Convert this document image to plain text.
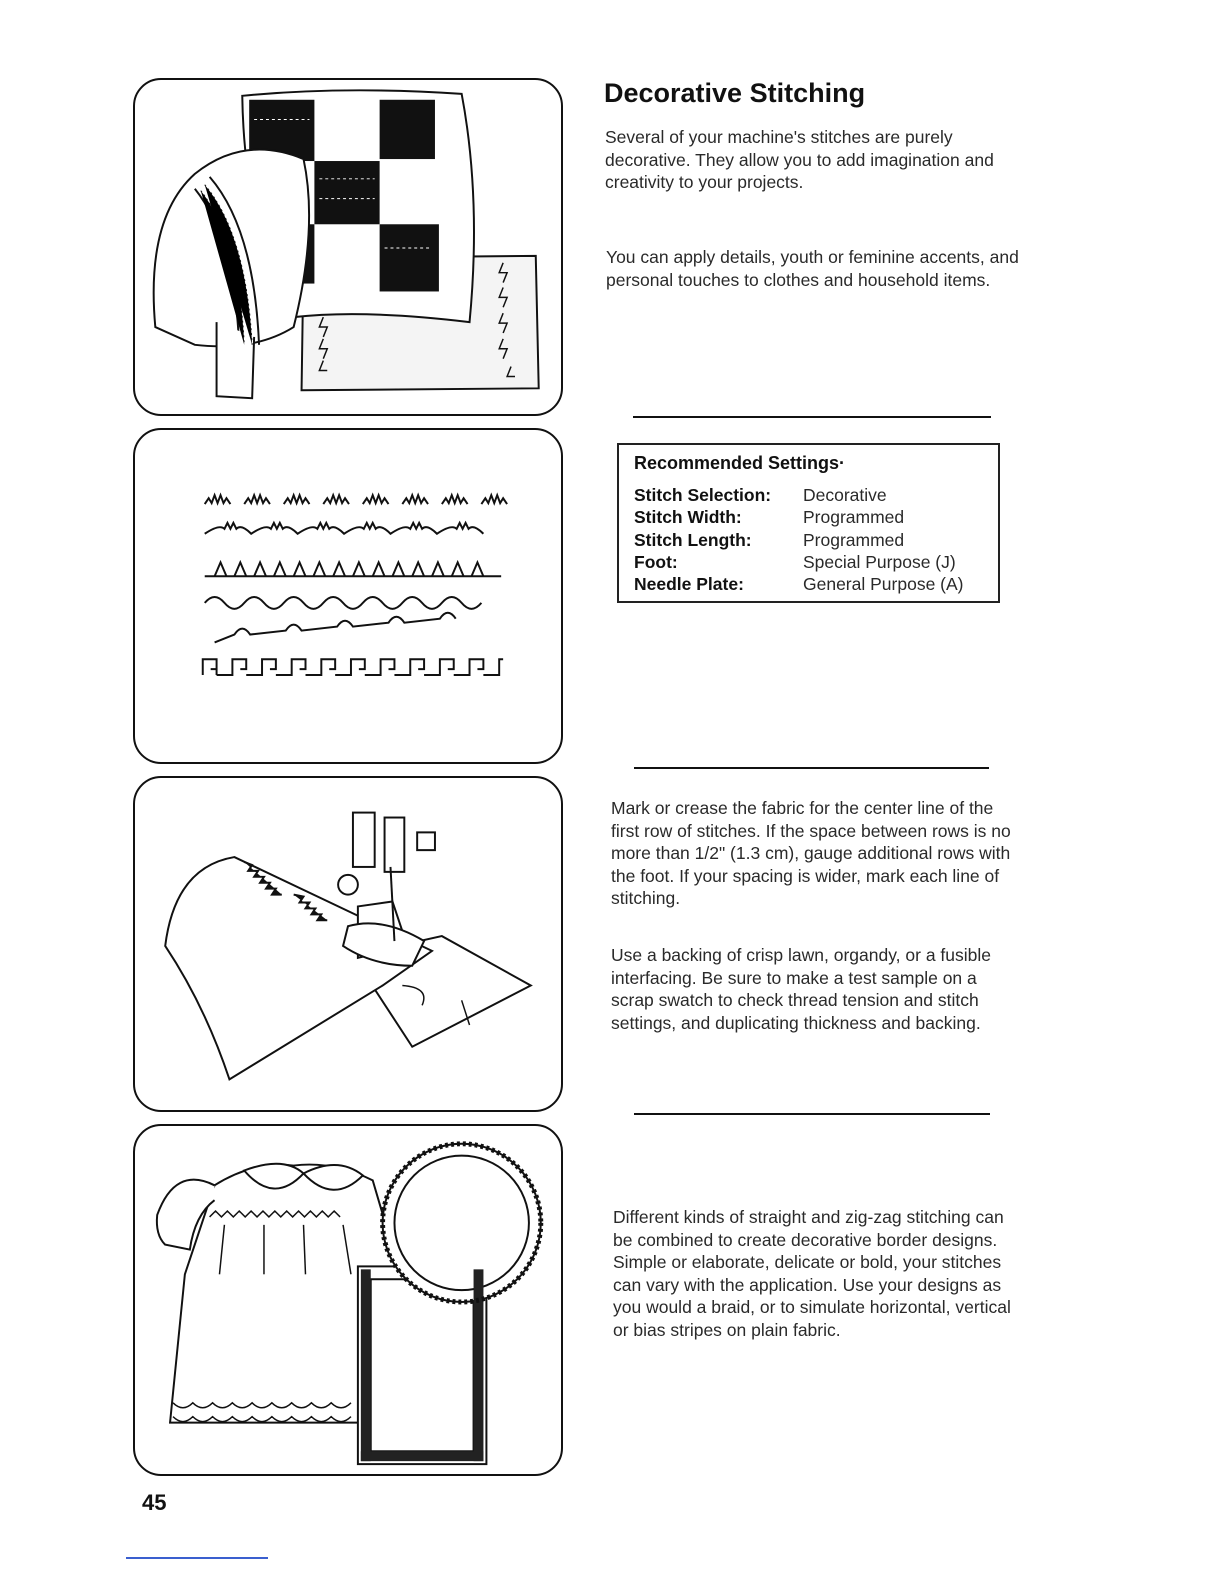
Decorative Stitching

Several of your machine's stitches are purely decorative. They allow you to add imagination and creativity to your projects.

You can apply details, youth or feminine accents, and personal touches to clothes and household items.

Recommended Settings·
Stitch Selection:	Decorative
Stitch Width:	Programmed
Stitch Length:	Programmed
Foot:	Special Purpose (J)
Needle Plate:	General Purpose (A)

Mark or crease the fabric for the center line of the first row of stitches. If the space between rows is no more than 1/2" (1.3 cm), gauge additional rows with the foot. If your spacing is wider, mark each line of stitching.

Use a backing of crisp lawn, organdy, or a fusible interfacing. Be sure to make a test sample on a scrap swatch to check thread tension and stitch settings, and duplicating thickness and backing.

Different kinds of straight and zig-zag stitching can be combined to create decorative border designs. Simple or elaborate, delicate or bold, your stitches can vary with the application. Use your designs as you would a braid, or to simulate horizontal, vertical or bias stripes on plain fabric.

45
